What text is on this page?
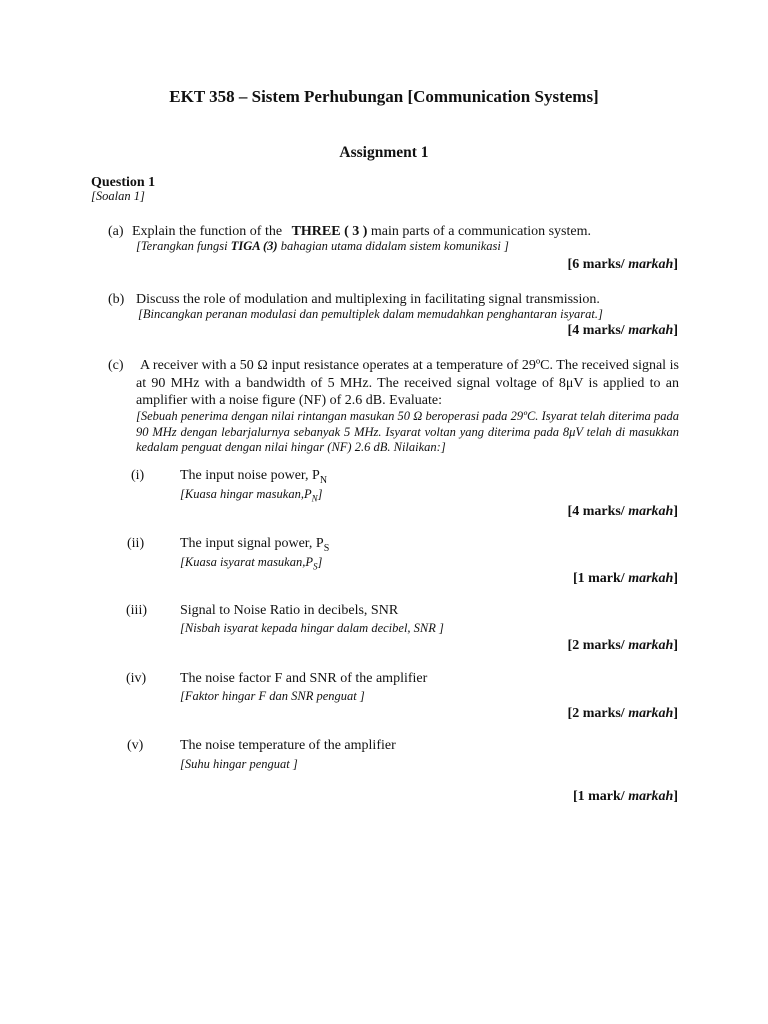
EKT 358 – Sistem Perhubungan [Communication Systems]
Assignment 1
Question 1
[Soalan 1]
(a) Explain the function of the THREE ( 3 ) main parts of a communication system.
[Terangkan fungsi TIGA (3) bahagian utama didalam sistem komunikasi ]
[6 marks/ markah]
(b) Discuss the role of modulation and multiplexing in facilitating signal transmission.
[Bincangkan peranan modulasi dan pemultiplek dalam memudahkan penghantaran isyarat.]
[4 marks/ markah]
(c) A receiver with a 50 Ω input resistance operates at a temperature of 29ºC. The received signal is at 90 MHz with a bandwidth of 5 MHz. The received signal voltage of 8μV is applied to an amplifier with a noise figure (NF) of 2.6 dB. Evaluate:
[Sebuah penerima dengan nilai rintangan masukan 50 Ω beroperasi pada 29ºC. Isyarat telah diterima pada 90 MHz dengan lebarjalurnya sebanyak 5 MHz. Isyarat voltan yang diterima pada 8μV telah di masukkan kedalam penguat dengan nilai hingar (NF) 2.6 dB. Nilaikan:]
(i)	The input noise power, $P_N$
[Kuasa hingar $masukan,P_N$]
[4 marks/ markah]
(ii)	The input signal power, $P_S$
[Kuasa isyarat $masukan,P_S$]
[1 mark/ markah]
(iii) Signal to Noise Ratio in decibels, SNR
[Nisbah isyarat kepada hingar dalam decibel, SNR ]
[2 marks/ markah]
(iv) The noise factor F and SNR of the amplifier
[Faktor hingar F dan SNR penguat ]
[2 marks/ markah]
(v)	The noise temperature of the amplifier
[Suhu hingar penguat ]
[1 mark/ markah]
